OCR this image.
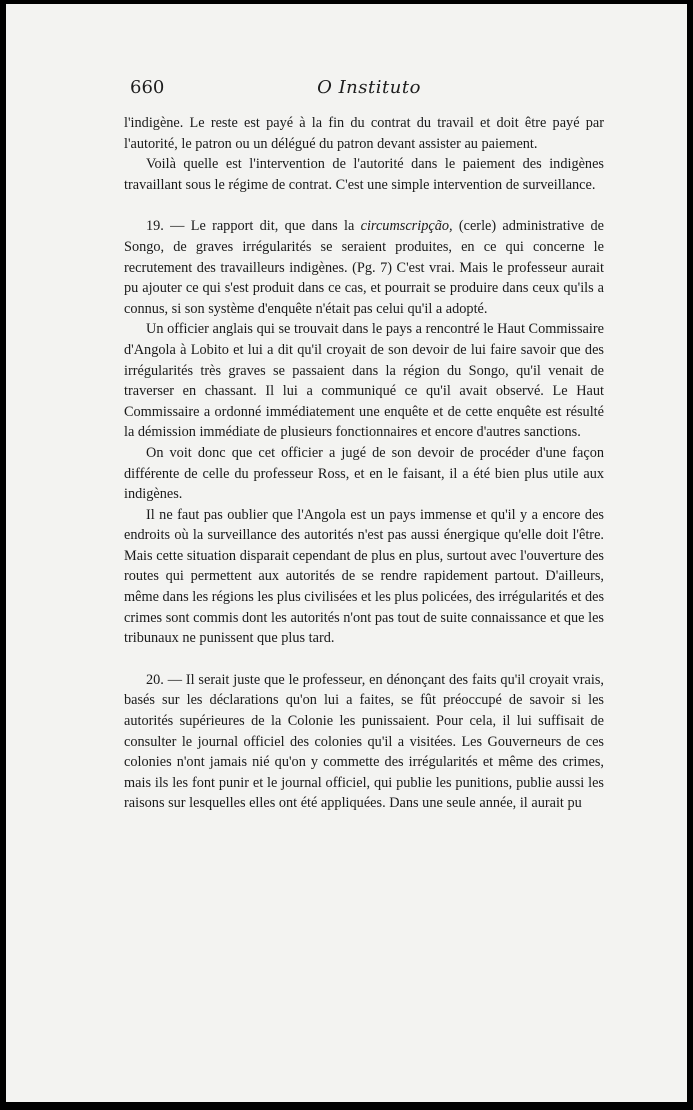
660	O Instituto

l'indigène. Le reste est payé à la fin du contrat du travail et doit être payé par l'autorité, le patron ou un délégué du patron devant assister au paiement.

Voilà quelle est l'intervention de l'autorité dans le paiement des indigènes travaillant sous le régime de contrat. C'est une simple intervention de surveillance.

19. — Le rapport dit, que dans la circumscripção, (cerle) administrative de Songo, de graves irrégularités se seraient produites, en ce qui concerne le recrutement des travailleurs indigènes. (Pg. 7) C'est vrai. Mais le professeur aurait pu ajouter ce qui s'est produit dans ce cas, et pourrait se produire dans ceux qu'ils a connus, si son système d'enquête n'était pas celui qu'il a adopté.

Un officier anglais qui se trouvait dans le pays a rencontré le Haut Commissaire d'Angola à Lobito et lui a dit qu'il croyait de son devoir de lui faire savoir que des irrégularités très graves se passaient dans la région du Songo, qu'il venait de traverser en chassant. Il lui a communiqué ce qu'il avait observé. Le Haut Commissaire a ordonné immédiatement une enquête et de cette enquête est résulté la démission immédiate de plusieurs fonctionnaires et encore d'autres sanctions.

On voit donc que cet officier a jugé de son devoir de procéder d'une façon différente de celle du professeur Ross, et en le faisant, il a été bien plus utile aux indigènes.

Il ne faut pas oublier que l'Angola est un pays immense et qu'il y a encore des endroits où la surveillance des autorités n'est pas aussi énergique qu'elle doit l'être. Mais cette situation disparait cependant de plus en plus, surtout avec l'ouverture des routes qui permettent aux autorités de se rendre rapidement partout. D'ailleurs, même dans les régions les plus civilisées et les plus policées, des irrégularités et des crimes sont commis dont les autorités n'ont pas tout de suite connaissance et que les tribunaux ne punissent que plus tard.

20. — Il serait juste que le professeur, en dénonçant des faits qu'il croyait vrais, basés sur les déclarations qu'on lui a faites, se fût préoccupé de savoir si les autorités supérieures de la Colonie les punissaient. Pour cela, il lui suffisait de consulter le journal officiel des colonies qu'il a visitées. Les Gouverneurs de ces colonies n'ont jamais nié qu'on y commette des irrégularités et même des crimes, mais ils les font punir et le journal officiel, qui publie les punitions, publie aussi les raisons sur lesquelles elles ont été appliquées. Dans une seule année, il aurait pu
